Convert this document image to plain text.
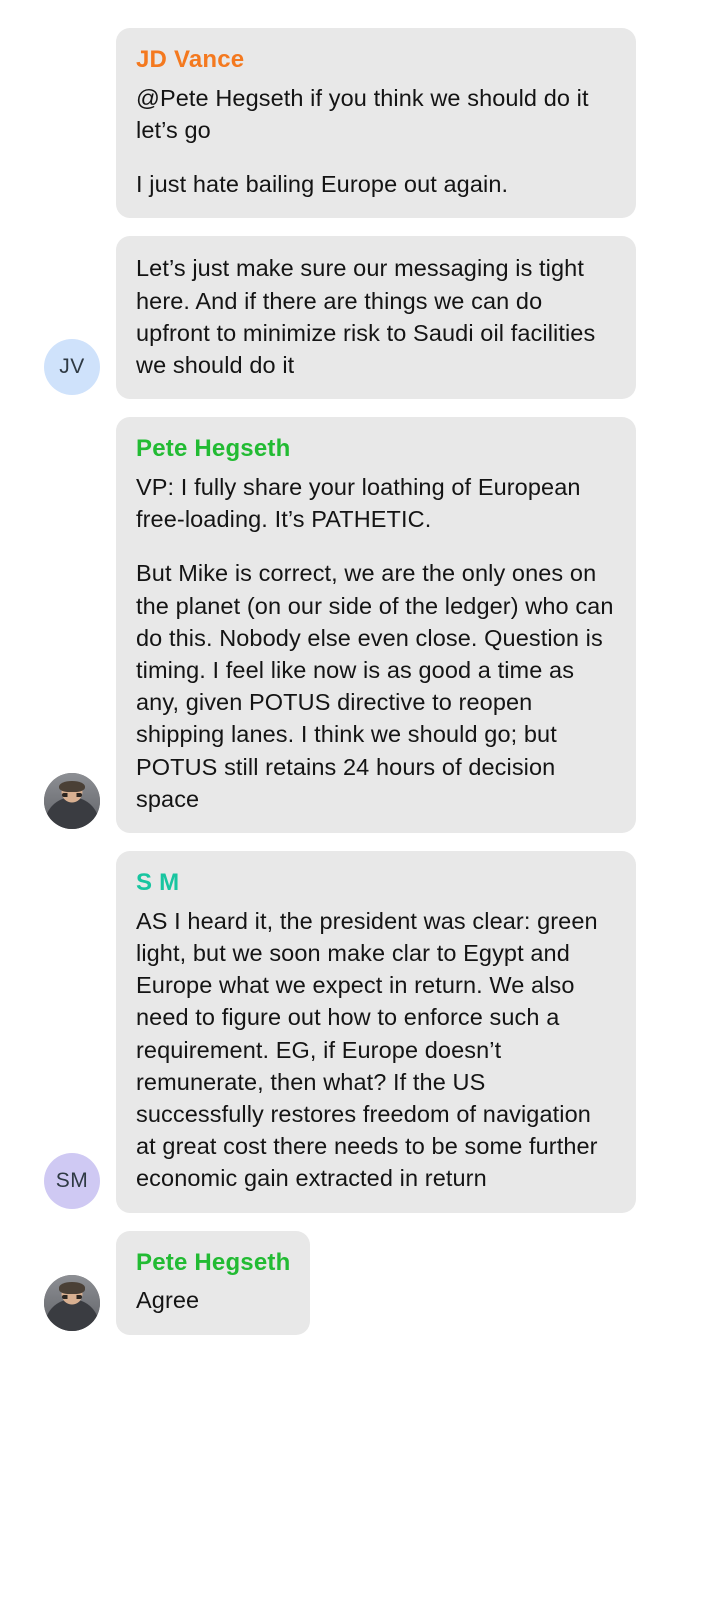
JD Vance

@Pete Hegseth if you think we should do it let’s go

I just hate bailing Europe out again.

JV

Let’s just make sure our messaging is tight here. And if there are things we can do upfront to minimize risk to Saudi oil facilities we should do it

Pete Hegseth

VP: I fully share your loathing of European free-loading. It’s PATHETIC.

But Mike is correct, we are the only ones on the planet (on our side of the ledger) who can do this. Nobody else even close. Question is timing. I feel like now is as good a time as any, given POTUS directive to reopen shipping lanes. I think we should go; but POTUS still retains 24 hours of decision space

SM
S M

AS I heard it, the president was clear: green light, but we soon make clar to Egypt and Europe what we expect in return. We also need to figure out how to enforce such a requirement. EG, if Europe doesn’t remunerate, then what? If the US successfully restores freedom of navigation at great cost there needs to be some further economic gain extracted in return

Pete Hegseth

Agree
